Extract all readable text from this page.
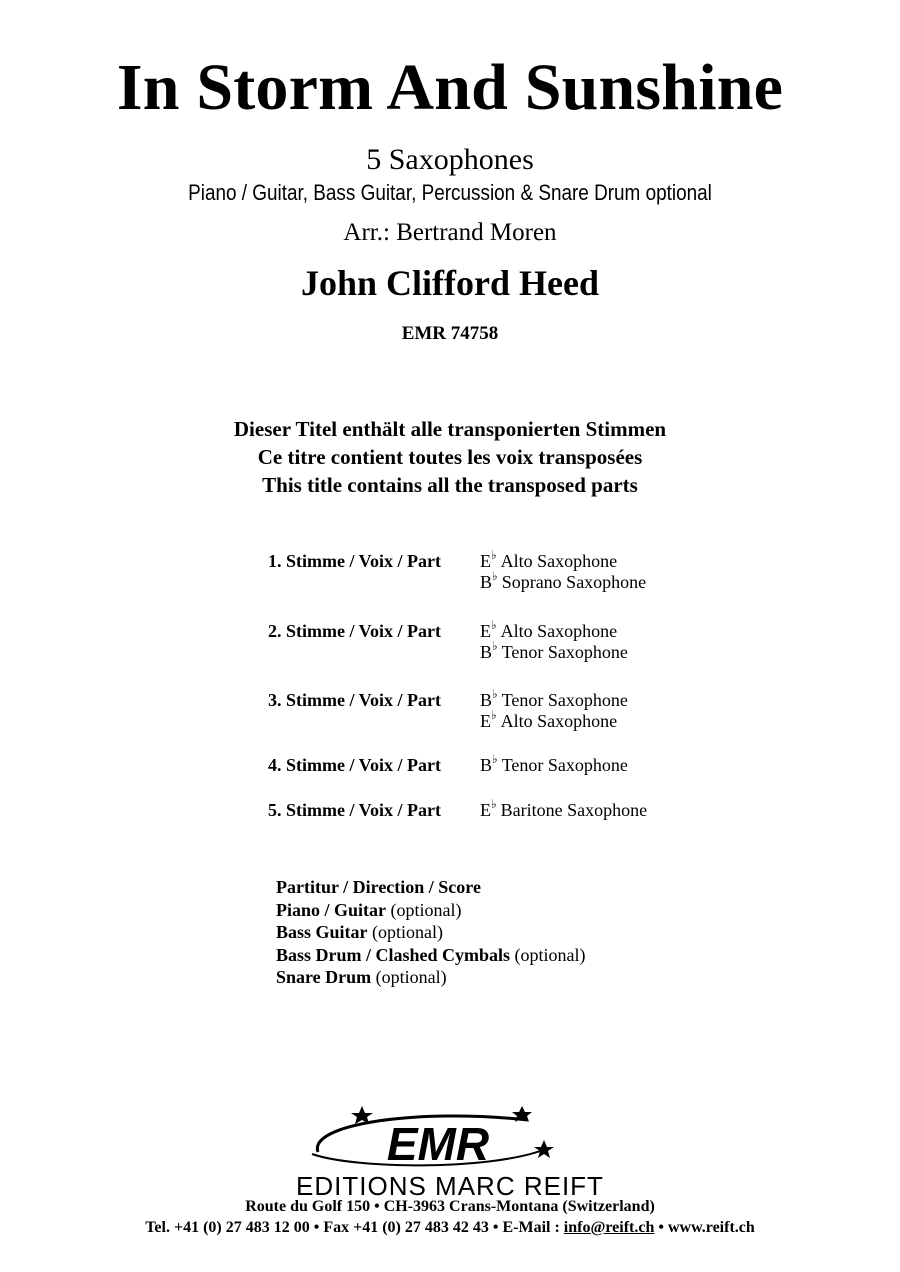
In Storm And Sunshine
5 Saxophones
Piano / Guitar, Bass Guitar, Percussion & Snare Drum optional
Arr.: Bertrand Moren
John Clifford Heed
EMR 74758
Dieser Titel enthält alle transponierten Stimmen
Ce titre contient toutes les voix transposées
This title contains all the transposed parts
1. Stimme / Voix / Part	E♭ Alto Saxophone
B♭ Soprano Saxophone
2. Stimme / Voix / Part	E♭ Alto Saxophone
B♭ Tenor Saxophone
3. Stimme / Voix / Part	B♭ Tenor Saxophone
E♭ Alto Saxophone
4. Stimme / Voix / Part	B♭ Tenor Saxophone
5. Stimme / Voix / Part	E♭ Baritone Saxophone
Partitur / Direction / Score
Piano / Guitar (optional)
Bass Guitar (optional)
Bass Drum / Clashed Cymbals (optional)
Snare Drum (optional)
EMR
EDITIONS MARC REIFT
Route du Golf 150 • CH-3963 Crans-Montana (Switzerland)
Tel. +41 (0) 27 483 12 00 • Fax +41 (0) 27 483 42 43 • E-Mail : info@reift.ch • www.reift.ch
